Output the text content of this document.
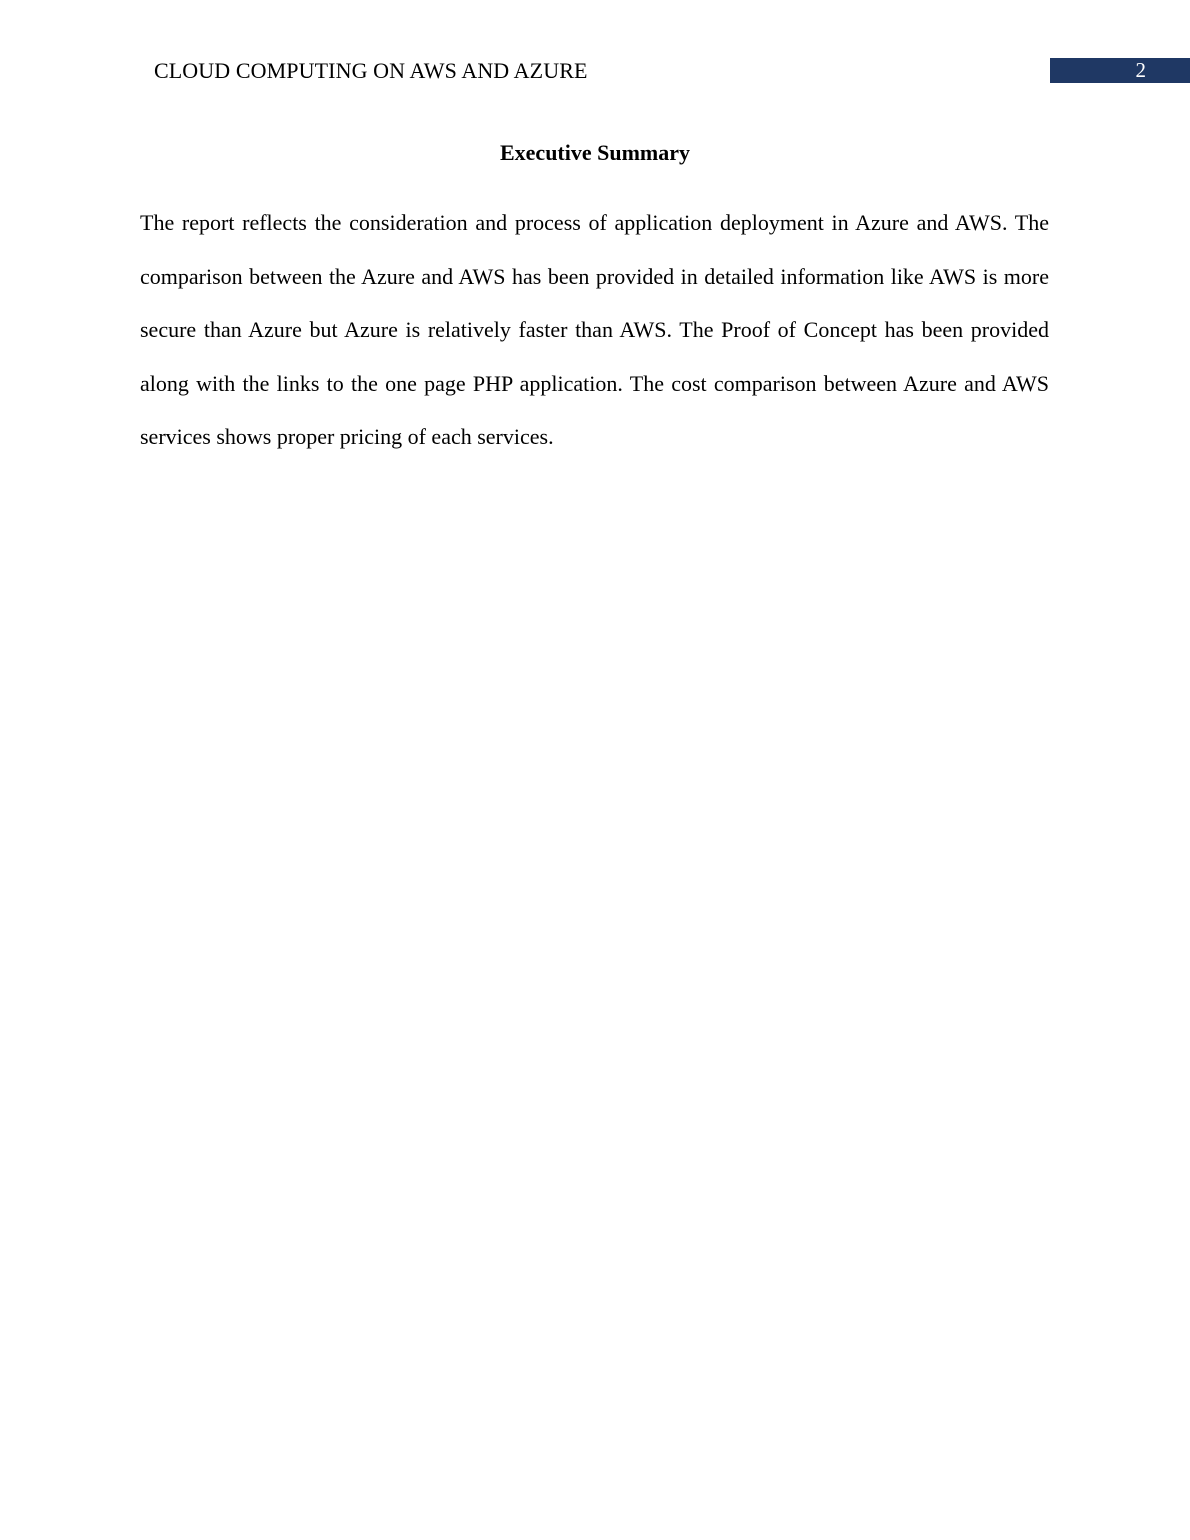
CLOUD COMPUTING ON AWS AND AZURE	2
Executive Summary

The report reflects the consideration and process of application deployment in Azure and AWS. The comparison between the Azure and AWS has been provided in detailed information like AWS is more secure than Azure but Azure is relatively faster than AWS. The Proof of Concept has been provided along with the links to the one page PHP application. The cost comparison between Azure and AWS services shows proper pricing of each services.
